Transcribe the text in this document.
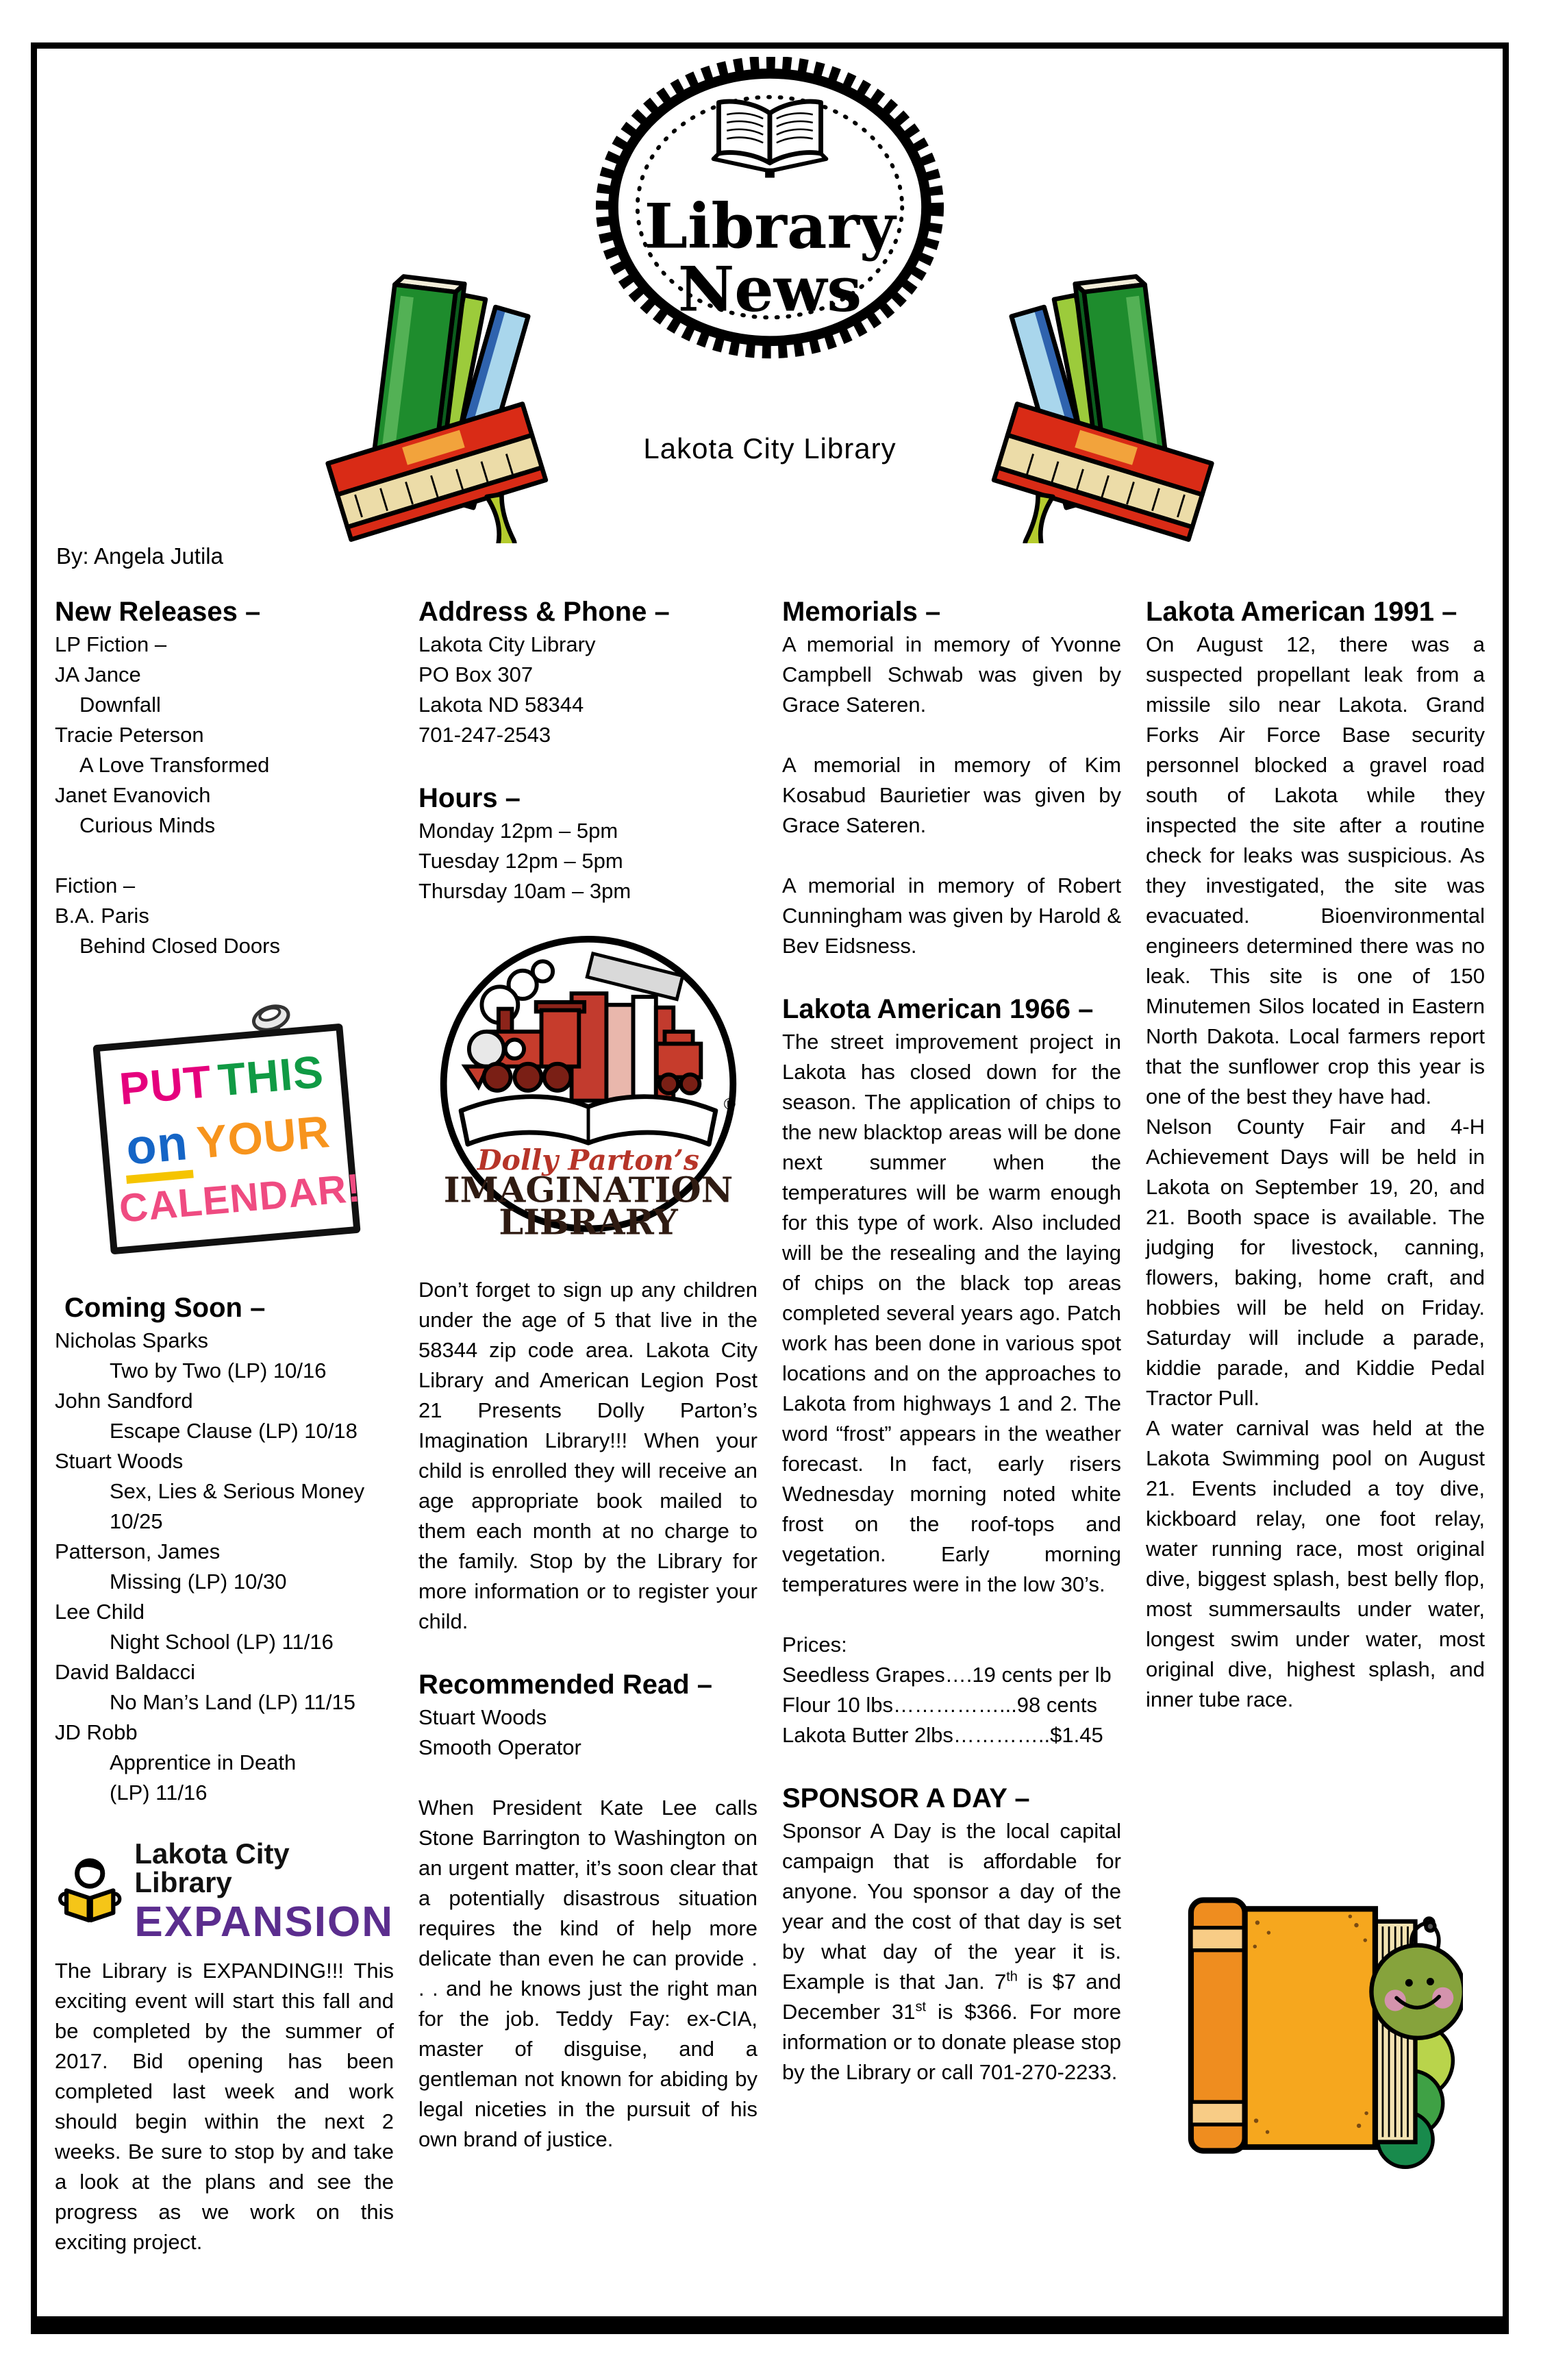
Library
News
Lakota City Library
By: Angela Jutila
New Releases –
LP Fiction –
JA Jance
Downfall
Tracie Peterson
A Love Transformed
Janet Evanovich
Curious Minds
Fiction –
B.A. Paris
Behind Closed Doors
PUT THIS
on YOUR
CALENDAR!
Coming Soon –
Nicholas Sparks
Two by Two (LP) 10/16
John Sandford
Escape Clause (LP) 10/18
Stuart Woods
Sex, Lies & Serious Money
10/25
Patterson, James
Missing (LP) 10/30
Lee Child
Night School (LP) 11/16
David Baldacci
No Man’s Land (LP) 11/15
JD Robb
Apprentice in Death
(LP) 11/16
Lakota City Library
EXPANSION

The Library is EXPANDING!!! This exciting event will start this fall and be completed by the summer of 2017. Bid opening has been completed last week and work should begin within the next 2 weeks. Be sure to stop by and take a look at the plans and see the progress as we work on this exciting project.

Address & Phone –
Lakota City Library
PO Box 307
Lakota ND 58344
701-247-2543
Hours –
Monday 12pm – 5pm
Tuesday 12pm – 5pm
Thursday 10am – 3pm
Dolly Parton’s
IMAGINATION
LIBRARY
®

Don’t forget to sign up any children under the age of 5 that live in the 58344 zip code area. Lakota City Library and American Legion Post 21 Presents Dolly Parton’s Imagination Library!!! When your child is enrolled they will receive an age appropriate book mailed to them each month at no charge to the family. Stop by the Library for more information or to register your child.

Recommended Read –
Stuart Woods
Smooth Operator

When President Kate Lee calls Stone Barrington to Washington on an urgent matter, it’s soon clear that a potentially disastrous situation requires the kind of help more delicate than even he can provide . . . and he knows just the right man for the job. Teddy Fay: ex-CIA, master of disguise, and a gentleman not known for abiding by legal niceties in the pursuit of his own brand of justice.

Memorials –

A memorial in memory of Yvonne Campbell Schwab was given by Grace Sateren.

A memorial in memory of Kim Kosabud Baurietier was given by Grace Sateren.

A memorial in memory of Robert Cunningham was given by Harold & Bev Eidsness.

Lakota American 1966 –

The street improvement project in Lakota has closed down for the season. The application of chips to the new blacktop areas will be done next summer when the temperatures will be warm enough for this type of work. Also included will be the resealing and the laying of chips on the black top areas completed several years ago. Patch work has been done in various spot locations and on the approaches to Lakota from highways 1 and 2. The word “frost” appears in the weather forecast. In fact, early risers Wednesday morning noted white frost on the roof-tops and vegetation. Early morning temperatures were in the low 30’s.

Prices:
Seedless Grapes….19 cents per lb
Flour 10 lbs……………...98 cents
Lakota Butter 2lbs…………..$1.45
SPONSOR A DAY –

Sponsor A Day is the local capital campaign that is affordable for anyone. You sponsor a day of the year and the cost of that day is set by what day of the year it is. Example is that Jan. 7th is $7 and December 31st is $366. For more information or to donate please stop by the Library or call 701-270-2233.

Lakota American 1991 –

On August 12, there was a suspected propellant leak from a missile silo near Lakota. Grand Forks Air Force Base security personnel blocked a gravel road south of Lakota while they inspected the site after a routine check for leaks was suspicious. As they investigated, the site was evacuated. Bioenvironmental engineers determined there was no leak. This site is one of 150 Minutemen Silos located in Eastern North Dakota. Local farmers report that the sunflower crop this year is one of the best they have had.

Nelson County Fair and 4-H Achievement Days will be held in Lakota on September 19, 20, and 21. Booth space is available. The judging for livestock, canning, flowers, baking, home craft, and hobbies will be held on Friday. Saturday will include a parade, kiddie parade, and Kiddie Pedal Tractor Pull.

A water carnival was held at the Lakota Swimming pool on August 21. Events included a toy dive, kickboard relay, one foot relay, water running race, most original dive, biggest splash, best belly flop, most summersaults under water, longest swim under water, most original dive, highest splash, and inner tube race.
